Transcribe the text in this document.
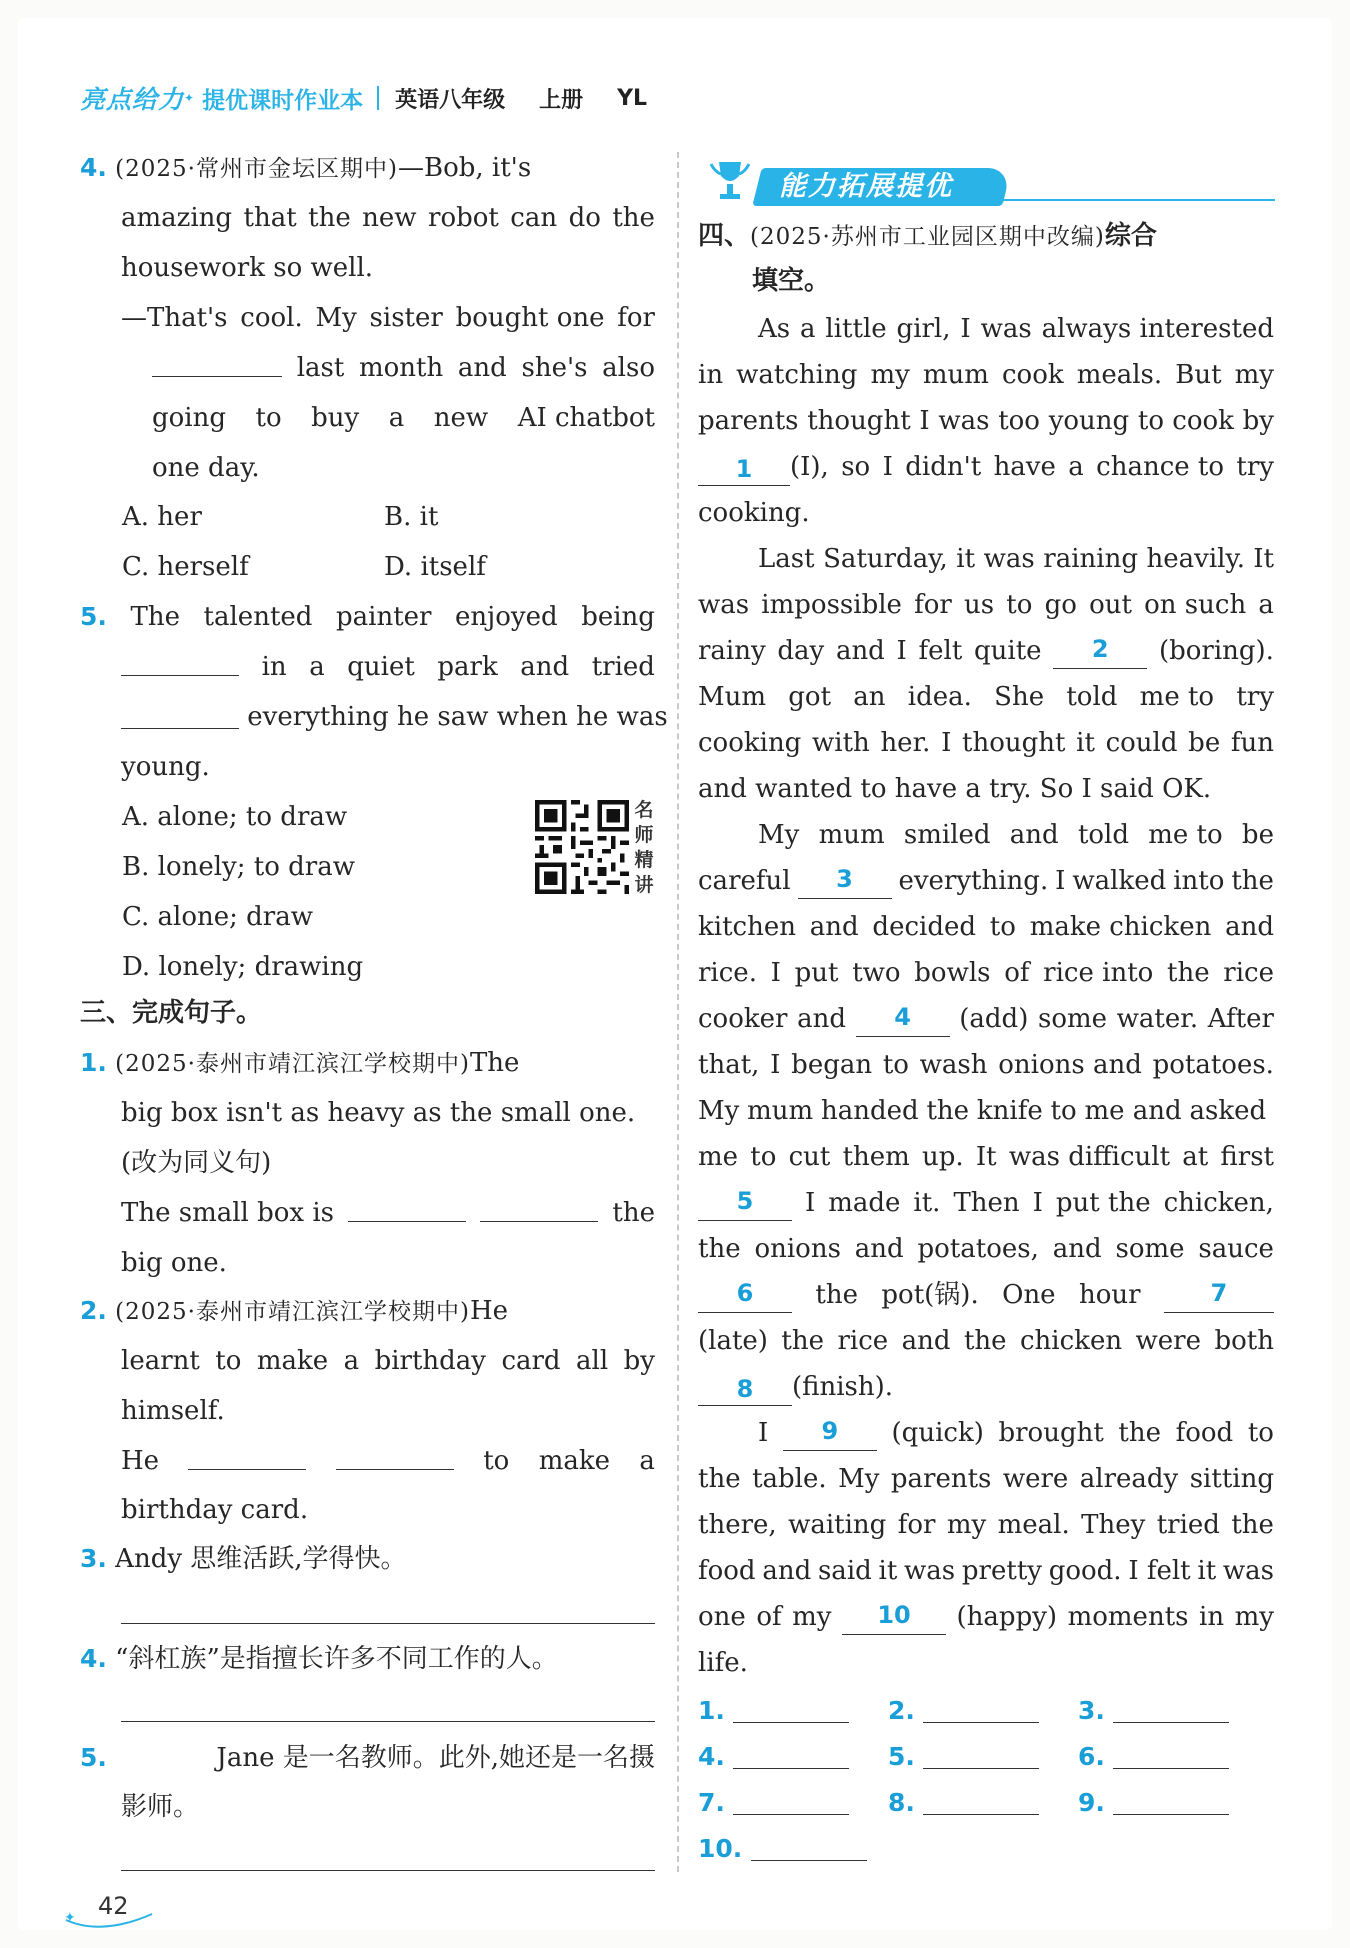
亮点给力 ✦ 提优课时作业本 英语八年级 上册 YL
4. (2025·常州市金坛区期中)—Bob, it's
amazing that the new robot can do the
housework so well.
—That's cool. My sister bought one for
last month and she's also
going to buy a new AI chatbot
one day.
A. her	B. it
C. herself	D. itself
5. The talented painter enjoyed being
in a quiet park and tried
everything he saw when he was
young.
A. alone; to draw
B. lonely; to draw
C. alone; draw
D. lonely; drawing
三、完成句子。
1. (2025·泰州市靖江滨江学校期中)The
big box isn't as heavy as the small one.
(改为同义句)
The small box is	the
big one.
2. (2025·泰州市靖江滨江学校期中)He
learnt to make a birthday card all by
himself.
He	to make a
birthday card.
3. Andy 思维活跃,学得快。
4. “斜杠族”是指擅长许多不同工作的人。
5.	Jane 是一名教师。此外,她还是一名摄
影师。
名师精讲
能力拓展提优
四、(2025·苏州市工业园区期中改编)综合
填空。
As a little girl, I was always interested
in watching my mum cook meals. But my
parents thought I was too young to cook by
1 (I), so I didn't have a chance to try
cooking.
Last Saturday, it was raining heavily. It
was impossible for us to go out on such a
rainy day and I felt quite	2	(boring).
Mum got an idea. She told me to try
cooking with her. I thought it could be fun
and wanted to have a try. So I said OK.
My mum smiled and told me to be
careful	3	everything. I walked into the
kitchen and decided to make chicken and
rice. I put two bowls of rice into the rice
cooker and	4	(add) some water. After
that, I began to wash onions and potatoes.
My mum handed the knife to me and asked
me to cut them up. It was difficult at first
5	I made it. Then I put the chicken,
the onions and potatoes, and some sauce
6	the pot(锅). One hour	7
(late) the rice and the chicken were both
8 (finish).
I	9	(quick) brought the food to
the table. My parents were already sitting
there, waiting for my meal. They tried the
food and said it was pretty good. I felt it was
one of my	10	(happy) moments in my
life.
1.	2.	3.
4.	5.	6.
7.	8.	9.
10.
✦ 42
